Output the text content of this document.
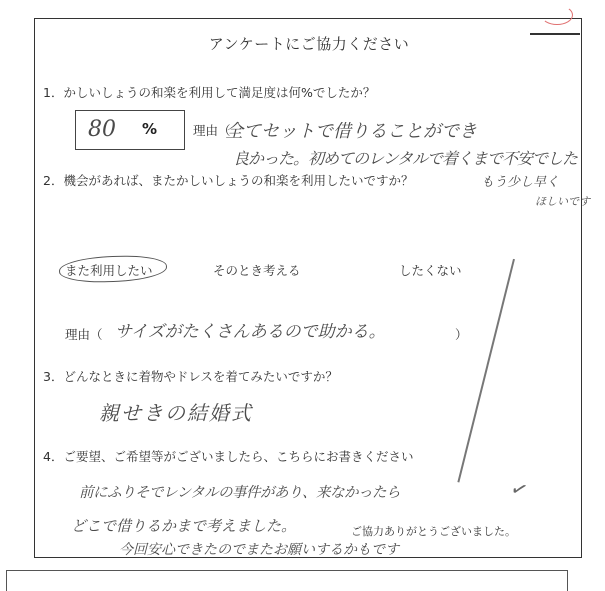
アンケートにご協力ください
1．かしいしょうの和楽を利用して満足度は何%でしたか？
80 %	理由（
全てセットで借りることができ
良かった。初めてのレンタルで着くまで不安でした
もう少し早く
ほしいです
2．機会があれば、またかしいしょうの和楽を利用したいですか？
また利用したい	そのとき考える	したくない
理由（ サイズがたくさんあるので助かる。	）
3．どんなときに着物やドレスを着てみたいですか？
親せきの結婚式
4．ご要望、ご希望等がございましたら、こちらにお書きください
前にふりそでレンタルの事件があり、来なかったら
どこで借りるかまで考えました。	ご協力ありがとうございました。
今回安心できたのでまたお願いするかもです
✓
